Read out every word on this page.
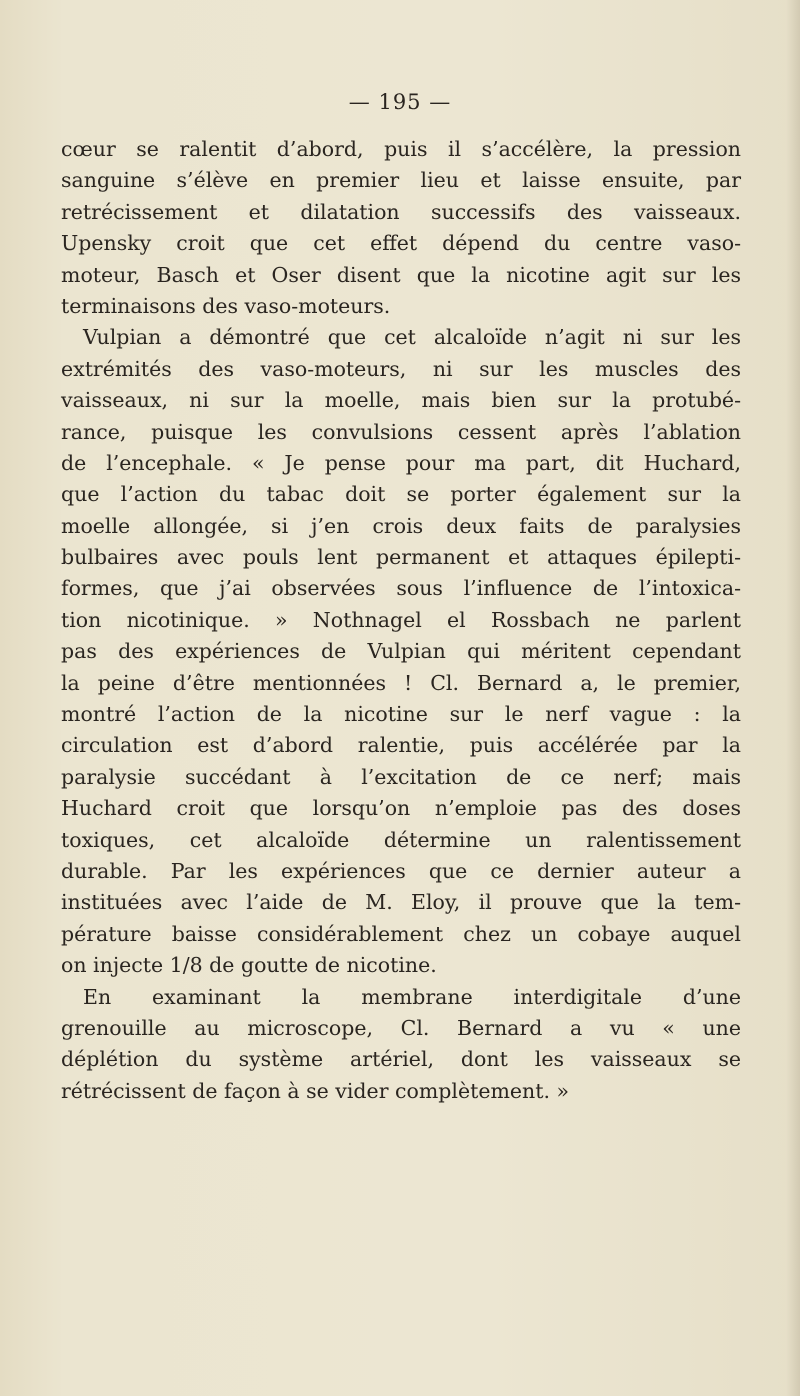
— 195 —
cœur se ralentit d’abord, puis il s’accélère, la pression
sanguine s’élève en premier lieu et laisse ensuite, par
retrécissement et dilatation successifs des vaisseaux.
Upensky croit que cet effet dépend du centre vaso-
moteur, Basch et Oser disent que la nicotine agit sur les
terminaisons des vaso-moteurs.
Vulpian a démontré que cet alcaloïde n’agit ni sur les
extrémités des vaso-moteurs, ni sur les muscles des
vaisseaux, ni sur la moelle, mais bien sur la protubé-
rance, puisque les convulsions cessent après l’ablation
de l’encephale. « Je pense pour ma part, dit Huchard,
que l’action du tabac doit se porter également sur la
moelle allongée, si j’en crois deux faits de paralysies
bulbaires avec pouls lent permanent et attaques épilepti-
formes, que j’ai observées sous l’influence de l’intoxica-
tion nicotinique. » Nothnagel el Rossbach ne parlent
pas des expériences de Vulpian qui méritent cependant
la peine d’être mentionnées ! Cl. Bernard a, le premier,
montré l’action de la nicotine sur le nerf vague : la
circulation est d’abord ralentie, puis accélérée par la
paralysie succédant à l’excitation de ce nerf; mais
Huchard croit que lorsqu’on n’emploie pas des doses
toxiques, cet alcaloïde détermine un ralentissement
durable. Par les expériences que ce dernier auteur a
instituées avec l’aide de M. Eloy, il prouve que la tem-
pérature baisse considérablement chez un cobaye auquel
on injecte 1/8 de goutte de nicotine.
En examinant la membrane interdigitale d’une
grenouille au microscope, Cl. Bernard a vu « une
déplétion du système artériel, dont les vaisseaux se
rétrécissent de façon à se vider complètement. »
